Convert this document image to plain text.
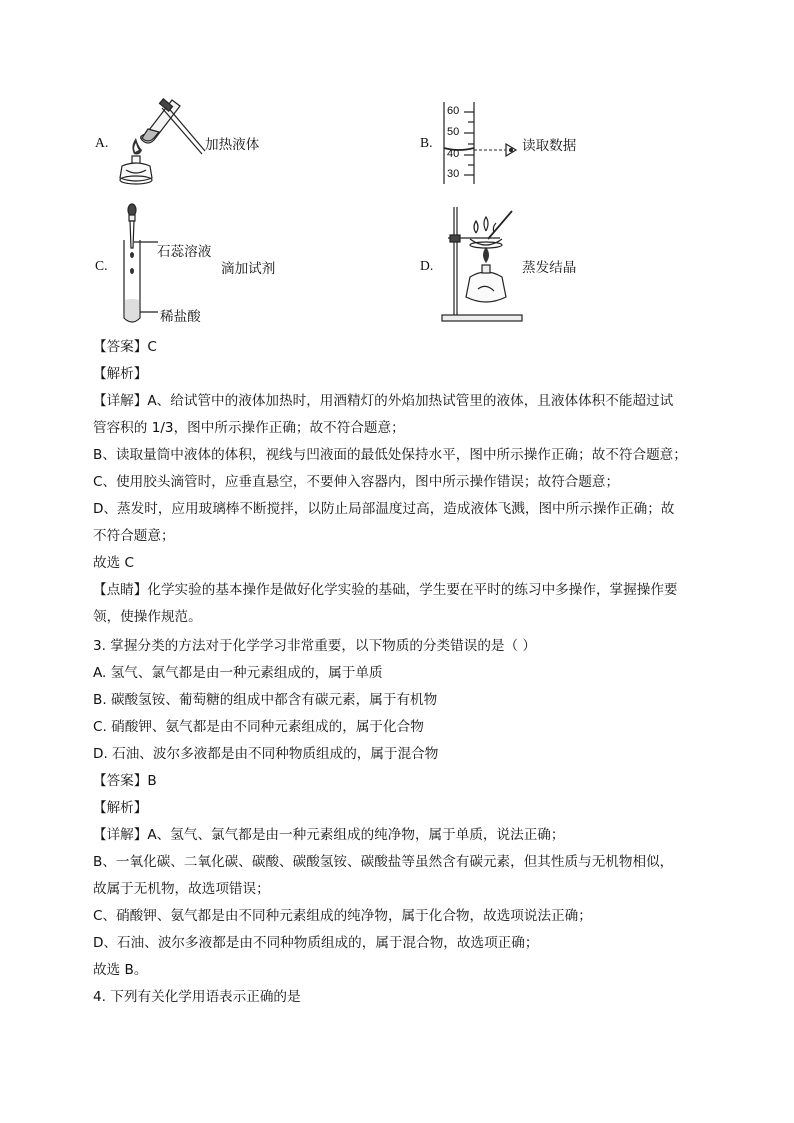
A.	加热液体	B.
60
50
40
30
读取数据
C.
石蕊溶液
滴加试剂
稀盐酸
D.	蒸发结晶
【答案】C
【解析】
【详解】A、给试管中的液体加热时，用酒精灯的外焰加热试管里的液体，且液体体积不能超过试
管容积的 1/3，图中所示操作正确；故不符合题意；
B、读取量筒中液体的体积，视线与凹液面的最低处保持水平，图中所示操作正确；故不符合题意；
C、使用胶头滴管时，应垂直悬空，不要伸入容器内，图中所示操作错误；故符合题意；
D、蒸发时，应用玻璃棒不断搅拌，以防止局部温度过高，造成液体飞溅，图中所示操作正确；故
不符合题意；
故选 C
【点睛】化学实验的基本操作是做好化学实验的基础，学生要在平时的练习中多操作，掌握操作要
领，使操作规范。
3. 掌握分类的方法对于化学学习非常重要，以下物质的分类错误的是（ ）
A. 氢气、氯气都是由一种元素组成的，属于单质
B. 碳酸氢铵、葡萄糖的组成中都含有碳元素，属于有机物
C. 硝酸钾、氨气都是由不同种元素组成的，属于化合物
D. 石油、波尔多液都是由不同种物质组成的，属于混合物
【答案】B
【解析】
【详解】A、氢气、氯气都是由一种元素组成的纯净物，属于单质，说法正确；
B、一氧化碳、二氧化碳、碳酸、碳酸氢铵、碳酸盐等虽然含有碳元素，但其性质与无机物相似，
故属于无机物，故选项错误；
C、硝酸钾、氨气都是由不同种元素组成的纯净物，属于化合物，故选项说法正确；
D、石油、波尔多液都是由不同种物质组成的，属于混合物，故选项正确；
故选 B。
4. 下列有关化学用语表示正确的是
